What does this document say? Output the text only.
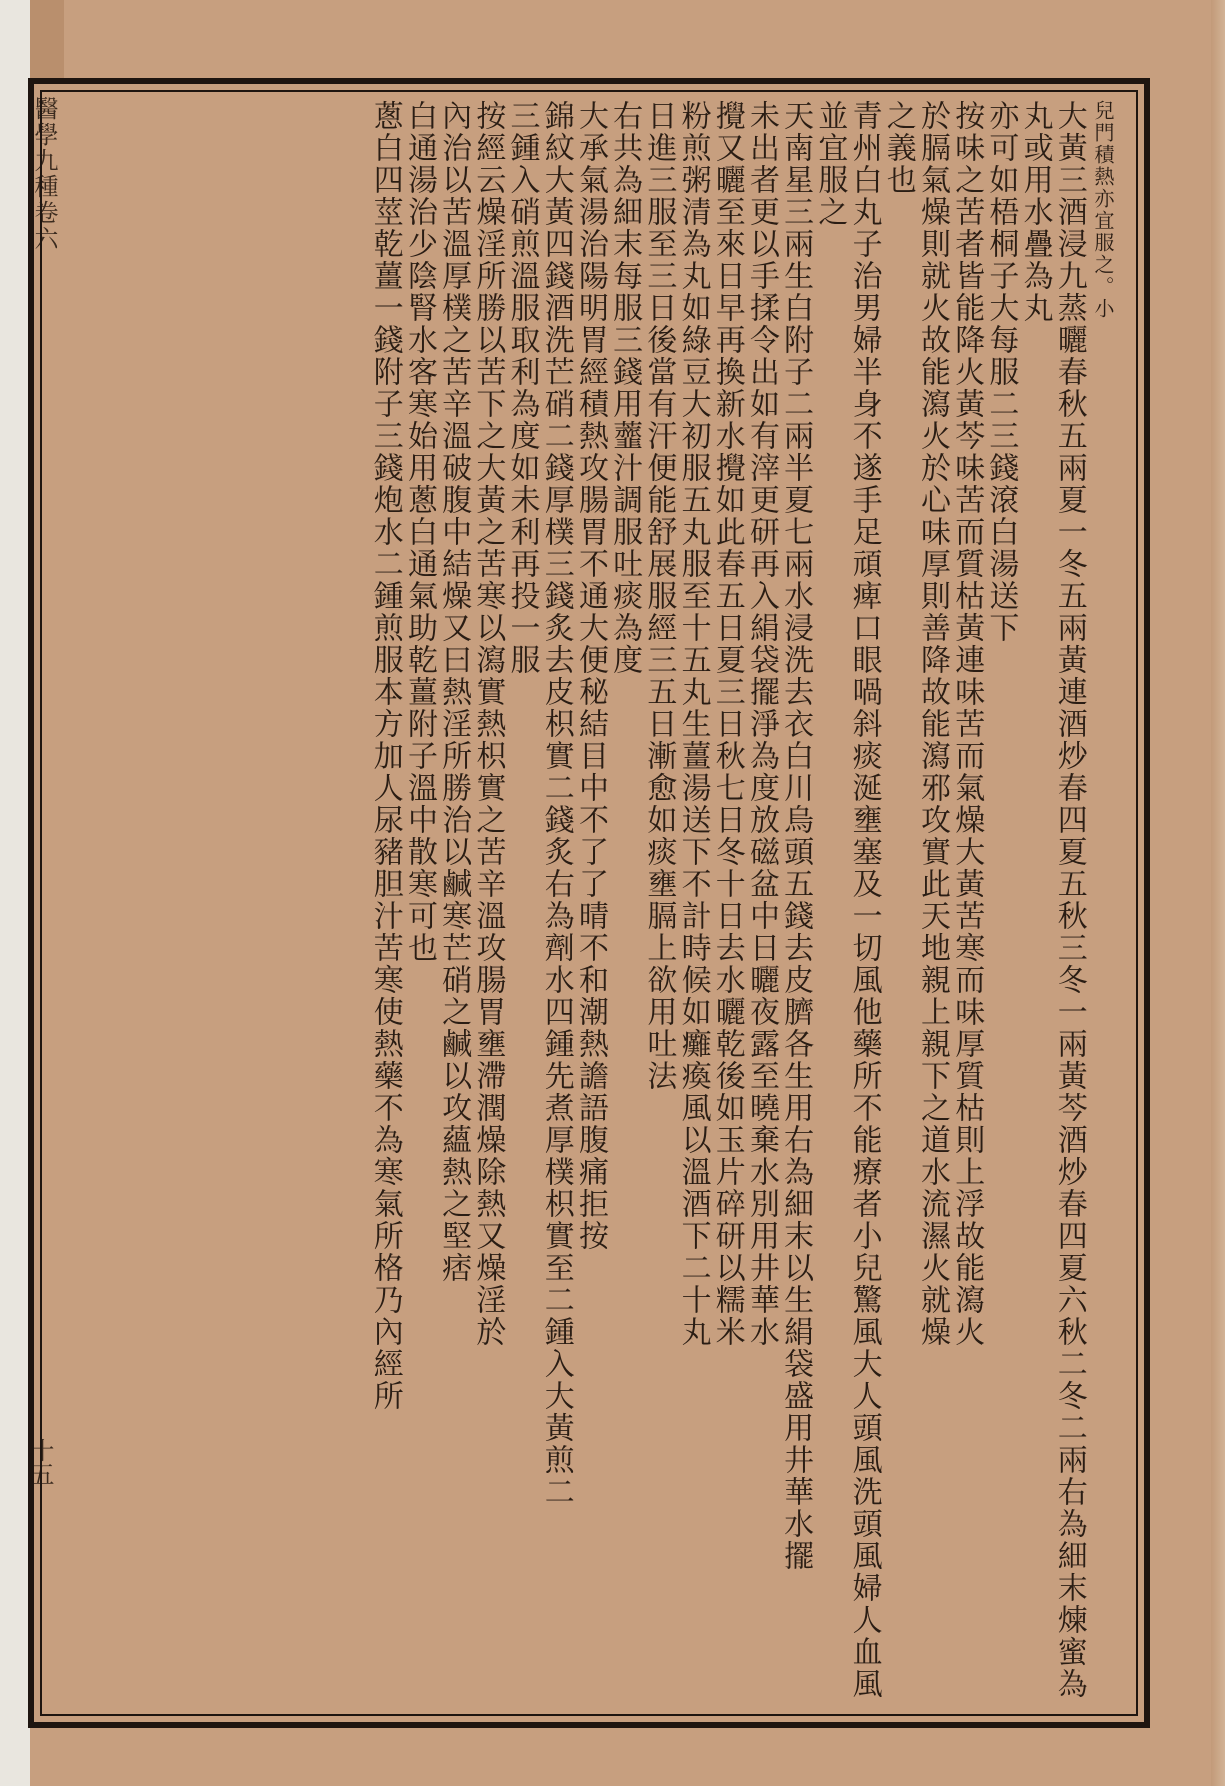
醫學九種卷六
十五
兒門積熱亦宜服之。小
大黃三酒浸九蒸曬春秋五兩夏一冬五兩黃連酒炒春四夏五秋三冬一兩黃芩酒炒春四夏六秋二冬二兩右為細末煉蜜為丸或用水疊為丸
亦可如梧桐子大每服二三錢滾白湯送下
按味之苦者皆能降火黃芩味苦而質枯黃連味苦而氣燥大黃苦寒而味厚質枯則上浮故能瀉火
於膈氣燥則就火故能瀉火於心味厚則善降故能瀉邪攻實此天地親上親下之道水流濕火就燥
之義也
青州白丸子治男婦半身不遂手足頑痺口眼喎斜痰涎壅塞及一切風他藥所不能療者小兒驚風大人頭風洗頭風婦人血風並宜服之
天南星三兩生白附子二兩半夏七兩水浸洗去衣白川烏頭五錢去皮臍各生用右為細末以生絹袋盛用井華水擺
未出者更以手揉令出如有滓更研再入絹袋擺淨為度放磁盆中日曬夜露至曉棄水別用井華水
攪又曬至來日早再換新水攪如此春五日夏三日秋七日冬十日去水曬乾後如玉片碎研以糯米
粉煎粥清為丸如綠豆大初服五丸服至十五丸生薑湯送下不計時候如癱瘓風以溫酒下二十丸
日進三服至三日後當有汗便能舒展服經三五日漸愈如痰壅膈上欲用吐法
右共為細末每服三錢用虀汁調服吐痰為度
大承氣湯治陽明胃經積熱攻腸胃不通大便秘結目中不了了晴不和潮熱譫語腹痛拒按
錦紋大黃四錢酒洗芒硝二錢厚樸三錢炙去皮枳實二錢炙右為劑水四鍾先煮厚樸枳實至二鍾入大黃煎二
三鍾入硝煎溫服取利為度如未利再投一服
按經云燥淫所勝以苦下之大黃之苦寒以瀉實熱枳實之苦辛溫攻腸胃壅滯潤燥除熱又燥淫於
內治以苦溫厚樸之苦辛溫破腹中結燥又曰熱淫所勝治以鹹寒芒硝之鹹以攻蘊熱之堅痞
白通湯治少陰腎水客寒始用蔥白通氣助乾薑附子溫中散寒可也
蔥白四莖乾薑一錢附子三錢炮水二鍾煎服本方加人尿豬胆汁苦寒使熱藥不為寒氣所格乃內經所
